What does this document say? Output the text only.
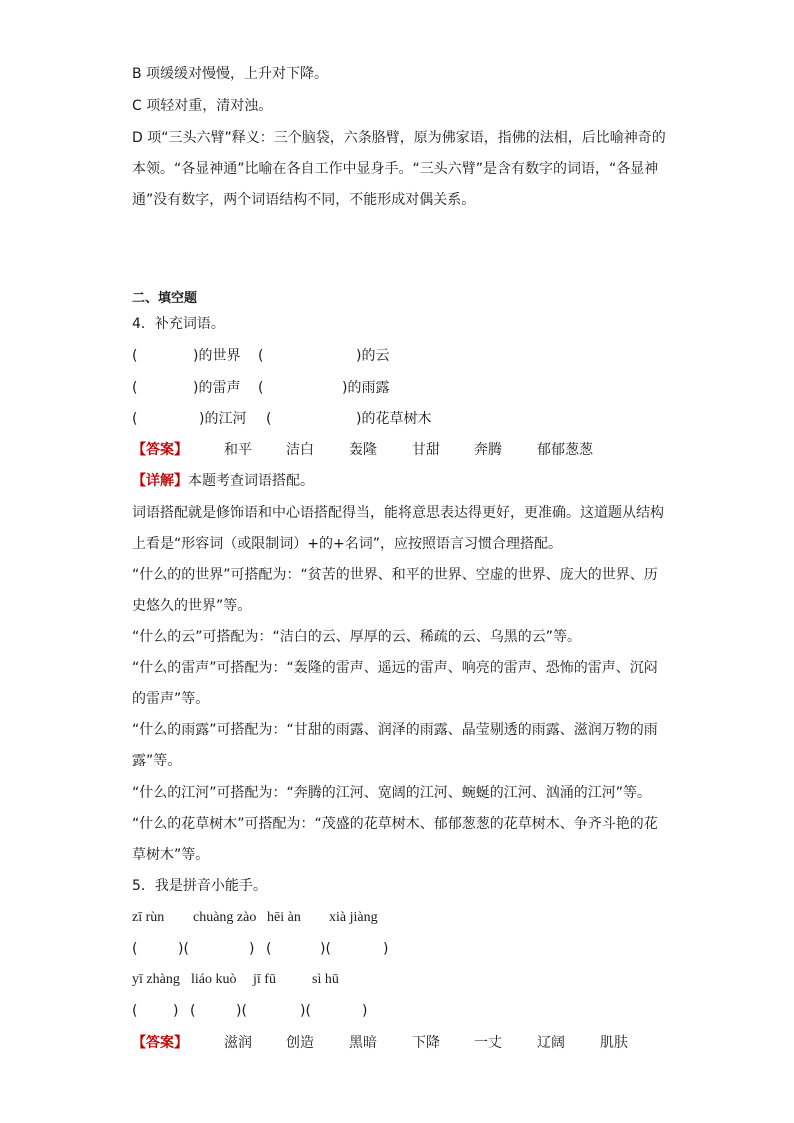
B 项缓缓对慢慢，上升对下降。
C 项轻对重，清对浊。
D 项“三头六臂”释义：三个脑袋，六条胳臂，原为佛家语，指佛的法相，后比喻神奇的
本领。“各显神通”比喻在各自工作中显身手。“三头六臂”是含有数字的词语，“各显神
通”没有数字，两个词语结构不同，不能形成对偶关系。
二、填空题
4．补充词语。
(	)的世界 (	)的云
(	)的雷声 (	)的雨露
(	)的江河 (	)的花草树木
【答案】	和平 洁白	轰隆	甘甜 奔腾	郁郁葱葱
【详解】本题考查词语搭配。
词语搭配就是修饰语和中心语搭配得当，能将意思表达得更好，更准确。这道题从结构
上看是“形容词（或限制词）+的+名词”，应按照语言习惯合理搭配。
“什么的的世界”可搭配为：“贫苦的世界、和平的世界、空虚的世界、庞大的世界、历
史悠久的世界”等。
“什么的云”可搭配为：“洁白的云、厚厚的云、稀疏的云、乌黑的云”等。
“什么的雷声”可搭配为：“轰隆的雷声、遥远的雷声、响亮的雷声、恐怖的雷声、沉闷
的雷声”等。
“什么的雨露”可搭配为：“甘甜的雨露、润泽的雨露、晶莹剔透的雨露、滋润万物的雨
露”等。
“什么的江河”可搭配为：“奔腾的江河、宽阔的江河、蜿蜒的江河、汹涌的江河”等。
“什么的花草树木”可搭配为：“茂盛的花草树木、郁郁葱葱的花草树木、争齐斗艳的花
草树木”等。
5．我是拼音小能手。
zī rùn chuàng zào hēi àn xià jiàng
(	)(	) (	)(	)
yī zhàng liáo kuò jī fū	sì hū
(	) (	)(	)(	)
【答案】	滋润 创造	黑暗	下降 一丈	辽阔	肌肤
